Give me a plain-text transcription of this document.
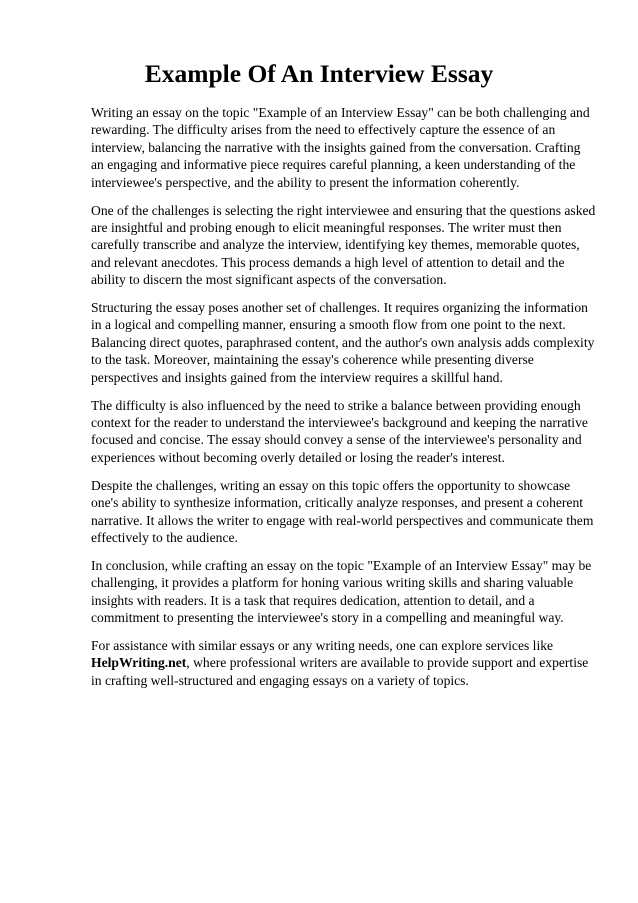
Example Of An Interview Essay

Writing an essay on the topic "Example of an Interview Essay" can be both challenging and rewarding. The difficulty arises from the need to effectively capture the essence of an interview, balancing the narrative with the insights gained from the conversation. Crafting an engaging and informative piece requires careful planning, a keen understanding of the interviewee's perspective, and the ability to present the information coherently.

One of the challenges is selecting the right interviewee and ensuring that the questions asked are insightful and probing enough to elicit meaningful responses. The writer must then carefully transcribe and analyze the interview, identifying key themes, memorable quotes, and relevant anecdotes. This process demands a high level of attention to detail and the ability to discern the most significant aspects of the conversation.

Structuring the essay poses another set of challenges. It requires organizing the information in a logical and compelling manner, ensuring a smooth flow from one point to the next. Balancing direct quotes, paraphrased content, and the author's own analysis adds complexity to the task. Moreover, maintaining the essay's coherence while presenting diverse perspectives and insights gained from the interview requires a skillful hand.

The difficulty is also influenced by the need to strike a balance between providing enough context for the reader to understand the interviewee's background and keeping the narrative focused and concise. The essay should convey a sense of the interviewee's personality and experiences without becoming overly detailed or losing the reader's interest.

Despite the challenges, writing an essay on this topic offers the opportunity to showcase one's ability to synthesize information, critically analyze responses, and present a coherent narrative. It allows the writer to engage with real-world perspectives and communicate them effectively to the audience.

In conclusion, while crafting an essay on the topic "Example of an Interview Essay" may be challenging, it provides a platform for honing various writing skills and sharing valuable insights with readers. It is a task that requires dedication, attention to detail, and a commitment to presenting the interviewee's story in a compelling and meaningful way.

For assistance with similar essays or any writing needs, one can explore services like HelpWriting.net, where professional writers are available to provide support and expertise in crafting well-structured and engaging essays on a variety of topics.
